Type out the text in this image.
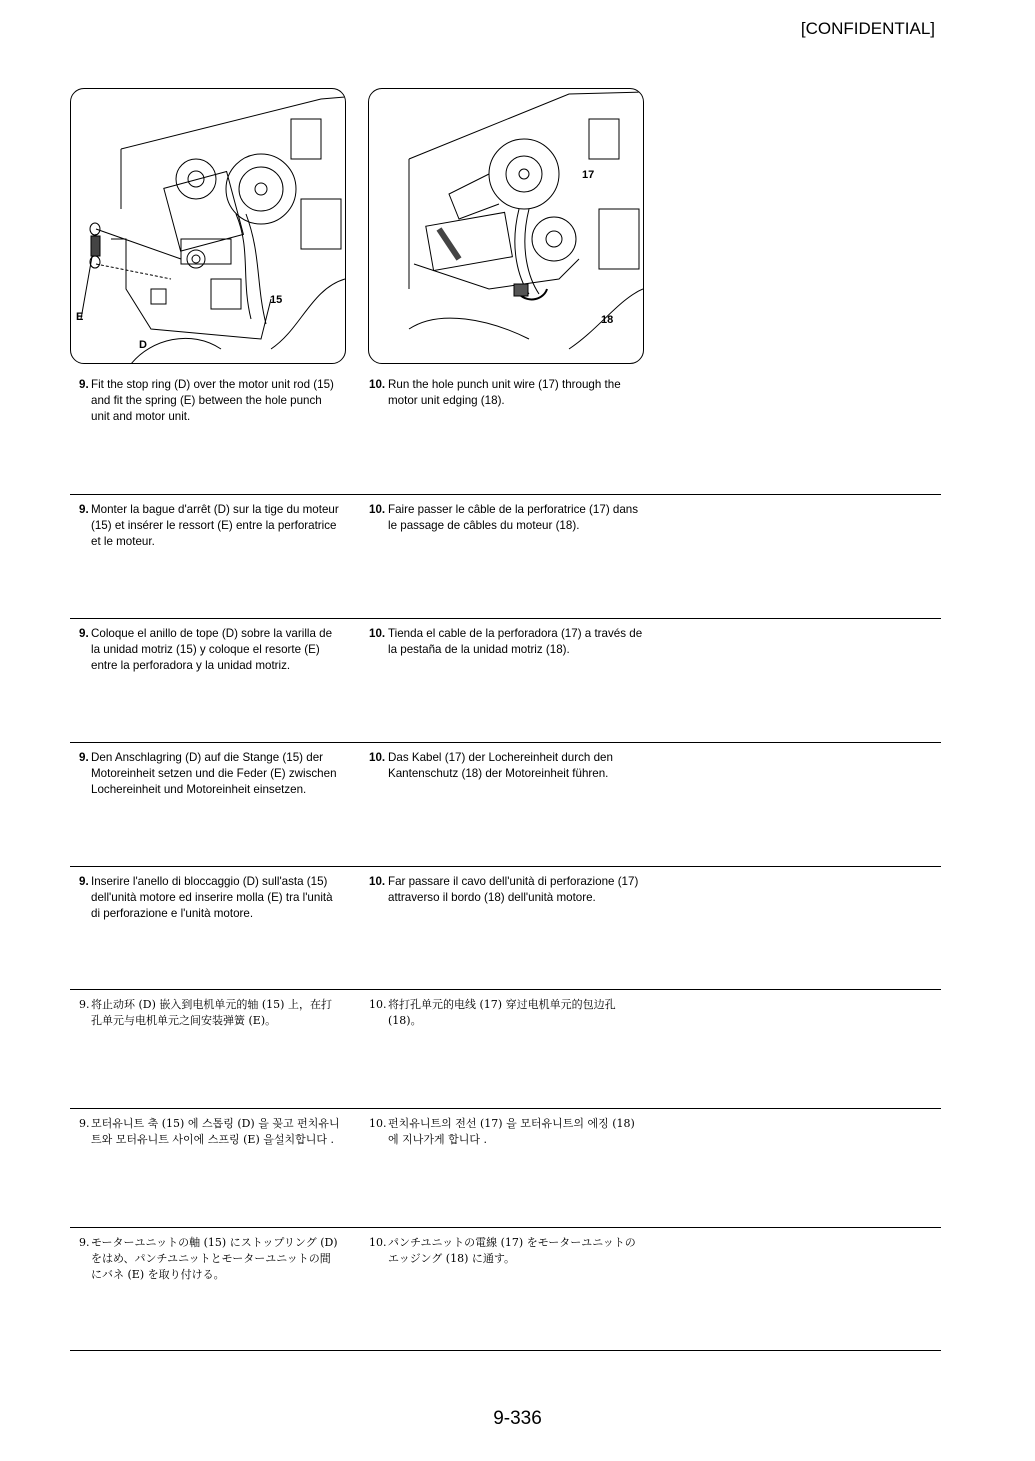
[CONFIDENTIAL]
15
E
D
17
18
9. Fit the stop ring (D) over the motor unit rod (15) and fit the spring (E) between the hole punch unit and motor unit.
10. Run the hole punch unit wire (17) through the motor unit edging (18).
9. Monter la bague d'arrêt (D) sur la tige du moteur (15) et insérer le ressort (E) entre la perforatrice et le moteur.
10. Faire passer le câble de la perforatrice (17) dans le passage de câbles du moteur (18).
9. Coloque el anillo de tope (D) sobre la varilla de la unidad motriz (15) y coloque el resorte (E) entre la perforadora y la unidad motriz.
10. Tienda el cable de la perforadora (17) a través de la pestaña de la unidad motriz (18).
9. Den Anschlagring (D) auf die Stange (15) der Motoreinheit setzen und die Feder (E) zwischen Lochereinheit und Motoreinheit einsetzen.
10. Das Kabel (17) der Lochereinheit durch den Kantenschutz (18) der Motoreinheit führen.
9. Inserire l'anello di bloccaggio (D) sull'asta (15) dell'unità motore ed inserire molla (E) tra l'unità di perforazione e l'unità motore.
10. Far passare il cavo dell'unità di perforazione (17) attraverso il bordo (18) dell'unità motore.
9. 将止动环 (D) 嵌入到电机单元的轴 (15) 上，在打孔单元与电机单元之间安装弹簧 (E)。
10. 将打孔单元的电线 (17) 穿过电机单元的包边孔 (18)。
9. 모터유니트 축 (15) 에 스톱링 (D) 을 꽂고 펀치유니트와 모터유니트 사이에 스프링 (E) 을설치합니다 .
10. 펀치유니트의 전선 (17) 을 모터유니트의 에징 (18) 에 지나가게 합니다 .
9. モーターユニットの軸 (15) にストップリング (D) をはめ、パンチユニットとモーターユニットの間にバネ (E) を取り付ける。
10. パンチユニットの電線 (17) をモーターユニットのエッジング (18) に通す。
9-336
